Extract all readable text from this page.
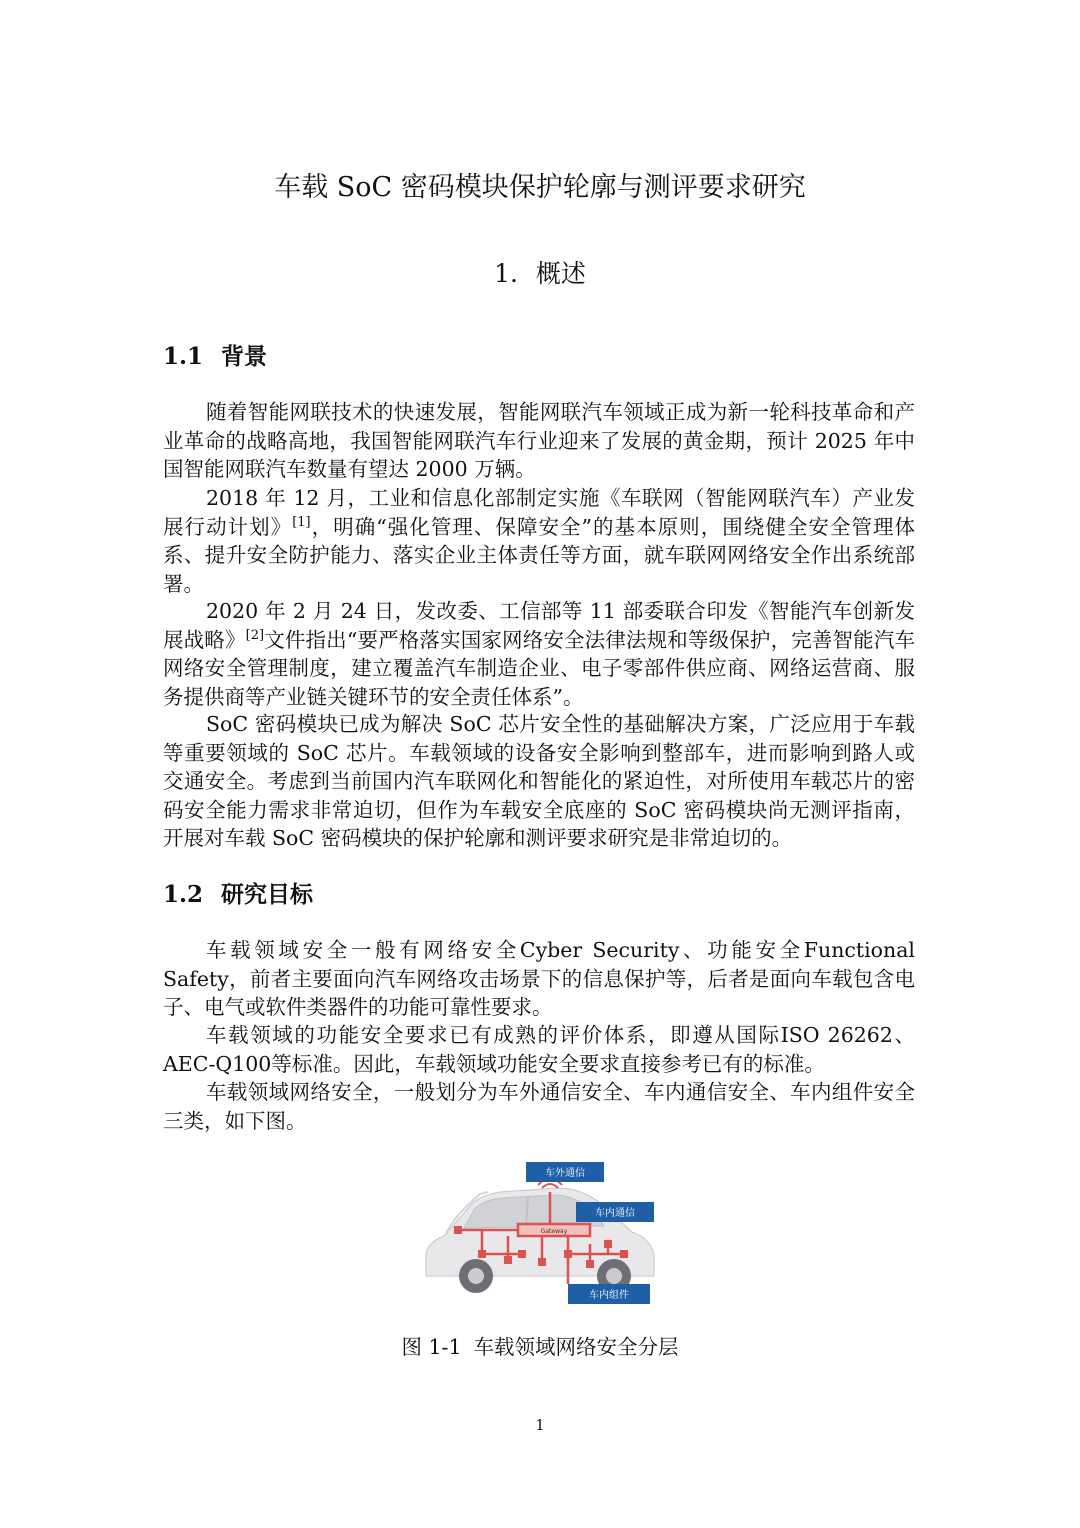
车载 SoC 密码模块保护轮廓与测评要求研究
1. 概述
1.1 背景

随着智能网联技术的快速发展，智能网联汽车领域正成为新一轮科技革命和产业革命的战略高地，我国智能网联汽车行业迎来了发展的黄金期，预计 2025 年中国智能网联汽车数量有望达 2000 万辆。

2018 年 12 月，工业和信息化部制定实施《车联网（智能网联汽车）产业发展行动计划》[1]，明确“强化管理、保障安全”的基本原则，围绕健全安全管理体系、提升安全防护能力、落实企业主体责任等方面，就车联网网络安全作出系统部署。

2020 年 2 月 24 日，发改委、工信部等 11 部委联合印发《智能汽车创新发展战略》[2]文件指出“要严格落实国家网络安全法律法规和等级保护，完善智能汽车网络安全管理制度，建立覆盖汽车制造企业、电子零部件供应商、网络运营商、服务提供商等产业链关键环节的安全责任体系”。

SoC 密码模块已成为解决 SoC 芯片安全性的基础解决方案，广泛应用于车载等重要领域的 SoC 芯片。车载领域的设备安全影响到整部车，进而影响到路人或交通安全。考虑到当前国内汽车联网化和智能化的紧迫性，对所使用车载芯片的密码安全能力需求非常迫切，但作为车载安全底座的 SoC 密码模块尚无测评指南，开展对车载 SoC 密码模块的保护轮廓和测评要求研究是非常迫切的。

1.2 研究目标

车载领域安全一般有网络安全Cyber Security、功能安全Functional Safety，前者主要面向汽车网络攻击场景下的信息保护等，后者是面向车载包含电子、电气或软件类器件的功能可靠性要求。

车载领域的功能安全要求已有成熟的评价体系，即遵从国际ISO 26262、AEC-Q100等标准。因此，车载领域功能安全要求直接参考已有的标准。

车载领域网络安全，一般划分为车外通信安全、车内通信安全、车内组件安全三类，如下图。

Gateway
车外通信
车内通信
车内组件
图 1-1 车载领域网络安全分层
1
